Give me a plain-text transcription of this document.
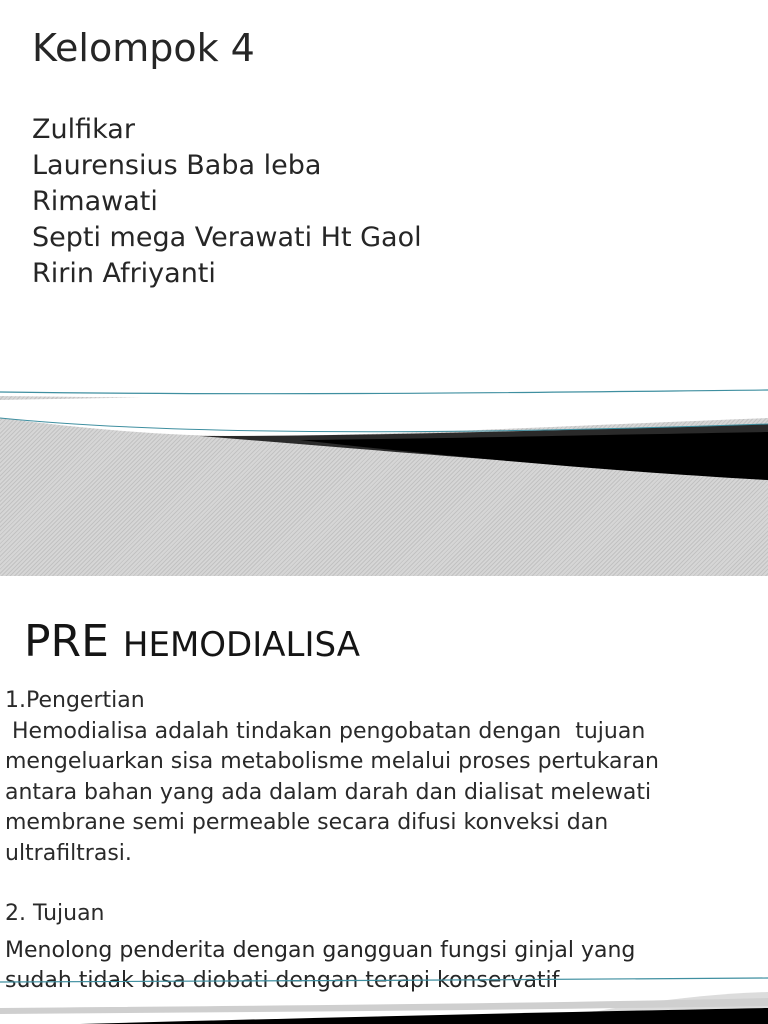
Kelompok 4
Zulfikar
Laurensius Baba leba
Rimawati
Septi mega Verawati Ht Gaol
Ririn Afriyanti
PRE HEMODIALISA

1.Pengertian

Hemodialisa adalah tindakan pengobatan dengan  tujuan

mengeluarkan sisa metabolisme melalui proses pertukaran

antara bahan yang ada dalam darah dan dialisat melewati

membrane semi permeable secara difusi konveksi dan

ultrafiltrasi.

2. Tujuan

Menolong penderita dengan gangguan fungsi ginjal yang

sudah tidak bisa diobati dengan terapi konservatif
